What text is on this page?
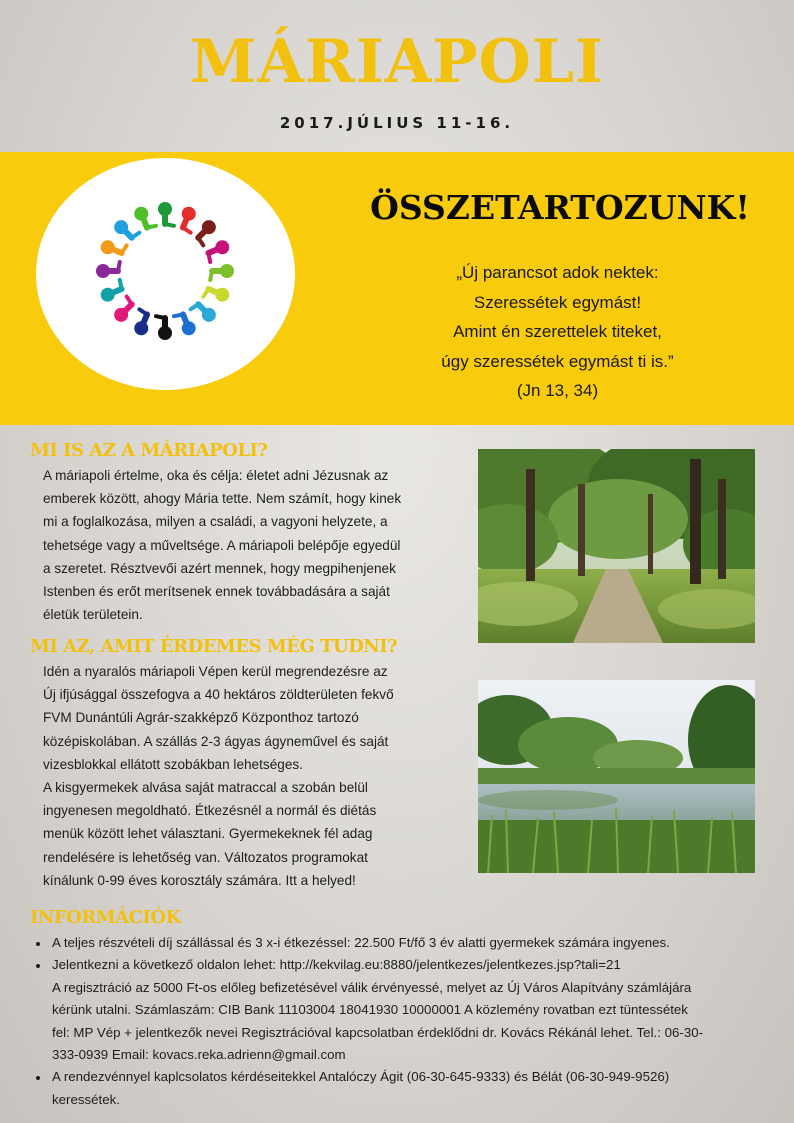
MÁRIAPOLI
2017.JÚLIUS 11-16.
ÖSSZETARTOZUNK!
„Új parancsot adok nektek:
Szeressétek egymást!
Amint én szerettelek titeket,
úgy szeressétek egymást ti is.”
(Jn 13, 34)
MI IS AZ A MÁRIAPOLI?
A máriapoli értelme, oka és célja: életet adni Jézusnak az
emberek között, ahogy Mária tette. Nem számít, hogy kinek
mi a foglalkozása, milyen a családi, a vagyoni helyzete, a
tehetsége vagy a műveltsége. A máriapoli belépője egyedül
a szeretet. Résztvevői azért mennek, hogy megpihenjenek
Istenben és erőt merítsenek ennek továbbadására a saját
életük területein.
MI AZ, AMIT ÉRDEMES MÉG TUDNI?
Idén a nyaralós máriapoli Vépen kerül megrendezésre az
Új ifjúsággal összefogva a 40 hektáros zöldterületen fekvő
FVM Dunántúli Agrár-szakképző Központhoz tartozó
középiskolában. A szállás 2-3 ágyas ágyneművel és saját
vizesblokkal ellátott szobákban lehetséges.
A kisgyermekek alvása saját matraccal a szobán belül
ingyenesen megoldható. Étkezésnél a normál és diétás
menük között lehet választani. Gyermekeknek fél adag
rendelésére is lehetőség van. Változatos programokat
kínálunk 0-99 éves korosztály számára. Itt a helyed!
INFORMÁCIÓK
• A teljes részvételi díj szállással és 3 x-i étkezéssel: 22.500 Ft/fő 3 év alatti gyermekek számára ingyenes.
• Jelentkezni a következő oldalon lehet: http://kekvilag.eu:8880/jelentkezes/jelentkezes.jsp?tali=21
A regisztráció az 5000 Ft-os előleg befizetésével válik érvényessé, melyet az Új Város Alapítvány számlájára
kérünk utalni. Számlaszám: CIB Bank 11103004 18041930 10000001 A közlemény rovatban ezt tüntessétek
fel: MP Vép + jelentkezők nevei Regisztrációval kapcsolatban érdeklődni dr. Kovács Rékánál lehet. Tel.: 06-30-
333-0939 Email: kovacs.reka.adrienn@gmail.com
• A rendezvénnyel kaplcsolatos kérdéseitekkel Antalóczy Ágit (06-30-645-9333) és Bélát (06-30-949-9526)
keressétek.
